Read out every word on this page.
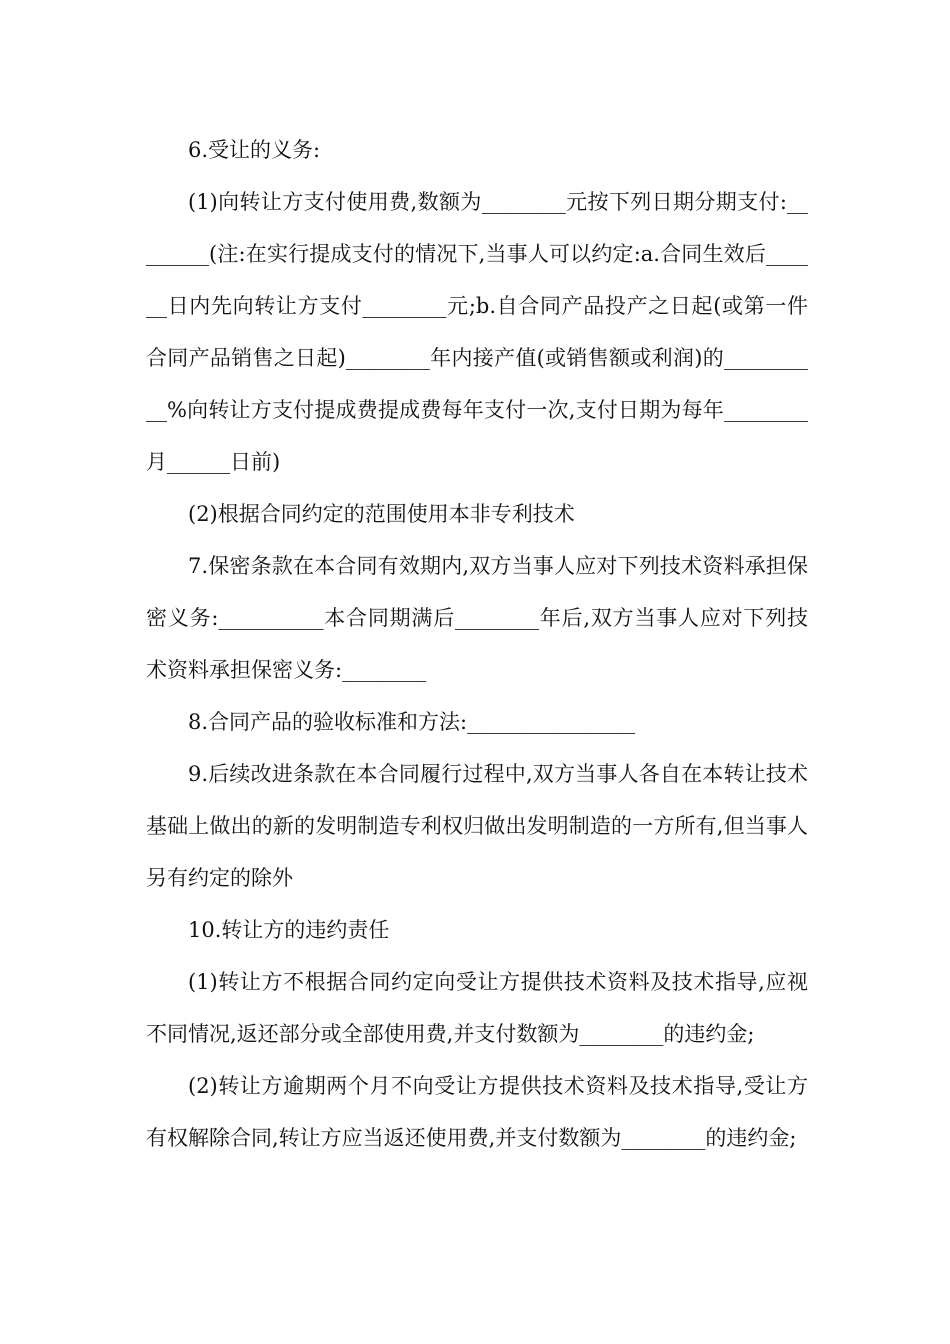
6.受让的义务:

(1)向转让方支付使用费,数额为________元按下列日期分期支付:________(注:在实行提成支付的情况下,当事人可以约定:a.合同生效后______日内先向转让方支付________元;b.自合同产品投产之日起(或第一件合同产品销售之日起)________年内接产值(或销售额或利润)的__________%向转让方支付提成费提成费每年支付一次,支付日期为每年________月______日前)

(2)根据合同约定的范围使用本非专利技术

7.保密条款在本合同有效期内,双方当事人应对下列技术资料承担保密义务:__________本合同期满后________年后,双方当事人应对下列技术资料承担保密义务:________

8.合同产品的验收标准和方法:________________

9.后续改进条款在本合同履行过程中,双方当事人各自在本转让技术基础上做出的新的发明制造专利权归做出发明制造的一方所有,但当事人另有约定的除外

10.转让方的违约责任

(1)转让方不根据合同约定向受让方提供技术资料及技术指导,应视不同情况,返还部分或全部使用费,并支付数额为________的违约金;

(2)转让方逾期两个月不向受让方提供技术资料及技术指导,受让方有权解除合同,转让方应当返还使用费,并支付数额为________的违约金;
